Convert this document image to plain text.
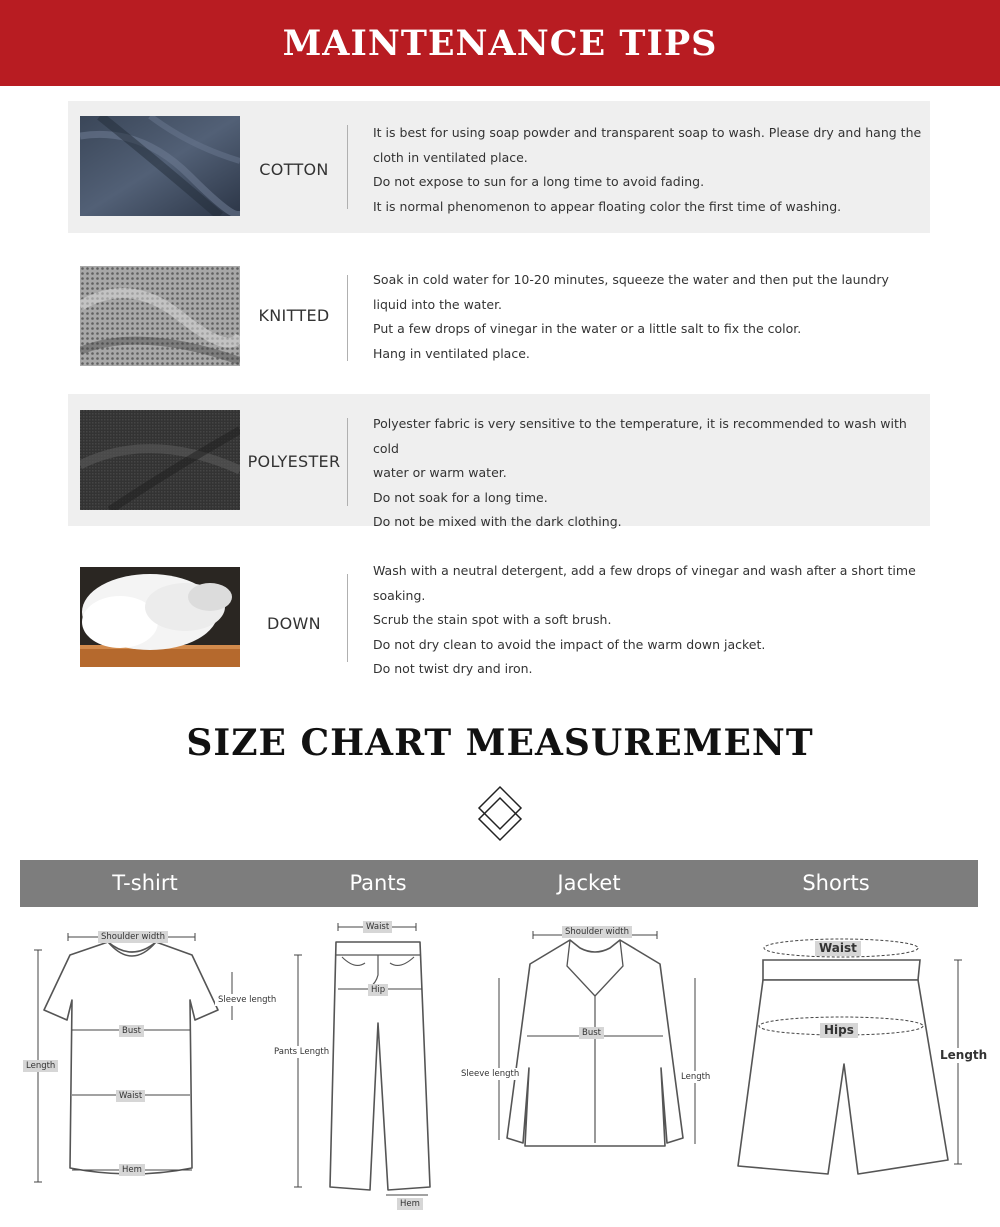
MAINTENANCE TIPS
COTTON
It is best for using soap powder and transparent soap to wash. Please dry and hang the
cloth in ventilated place.
Do not expose to sun for a long time to avoid fading.
It is normal phenomenon to appear floating color the first time of washing.
KNITTED
Soak in cold water for 10-20 minutes, squeeze the water and then put the laundry
liquid into the water.
Put a few drops of vinegar in the water or a little salt to fix the color.
Hang in ventilated place.
POLYESTER
Polyester fabric is very sensitive to the temperature, it is recommended to wash with cold
water or warm water.
Do not soak for a long time.
Do not be mixed with the dark clothing.
DOWN
Wash with a neutral detergent, add a few drops of vinegar and wash after a short time
soaking.
Scrub the stain spot with a soft brush.
Do not dry clean to avoid the impact of the warm down jacket.
Do not twist dry and iron.
SIZE CHART MEASUREMENT
T-shirt	Pants	Jacket	Shorts
Shoulder width
Sleeve length
Bust
Length
Waist
Hem
Waist
Hip
Pants Length
Hem
Shoulder width
Bust
Sleeve length	Length
Waist
Hips
Length
